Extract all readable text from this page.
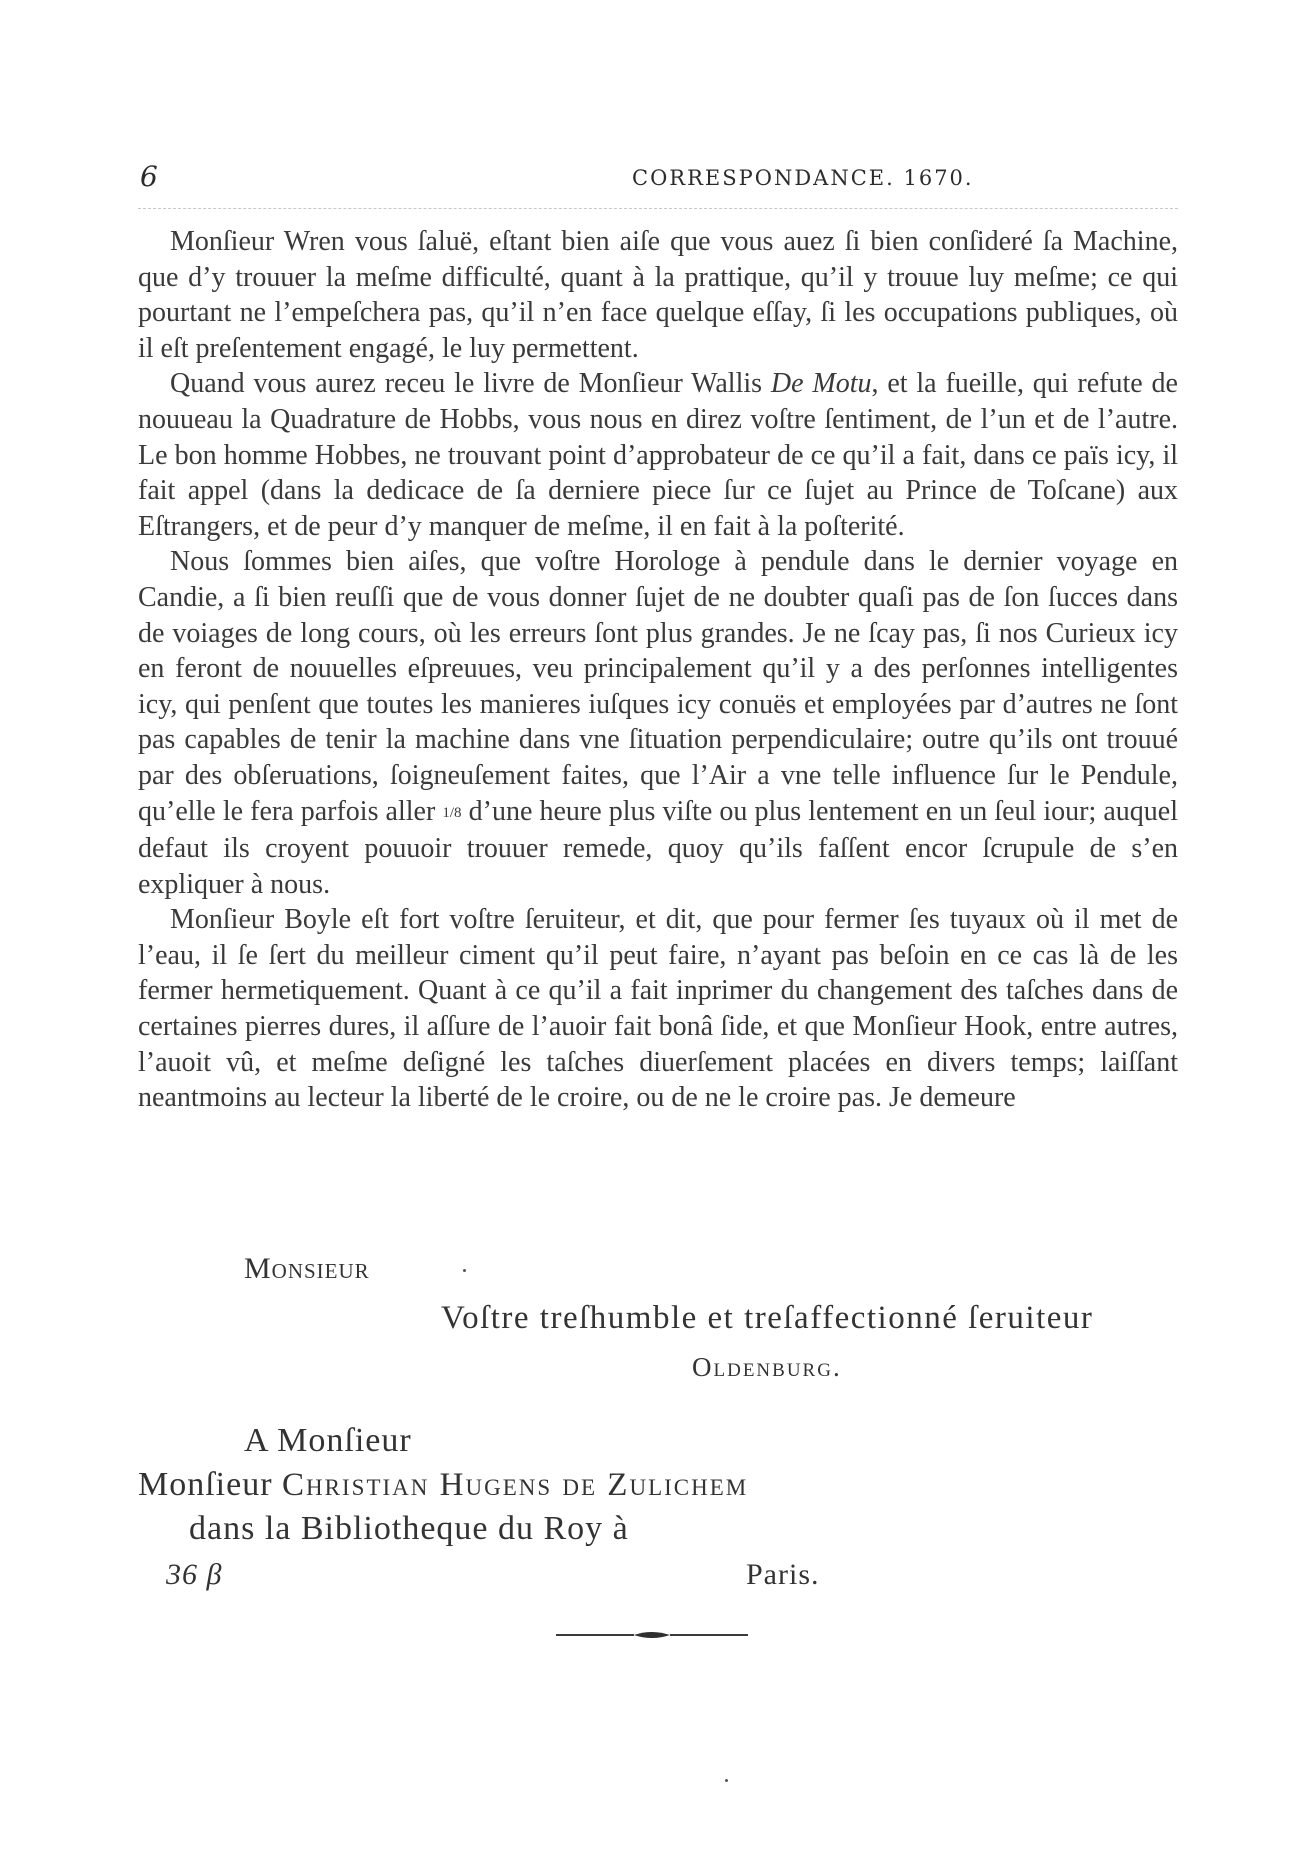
6	CORRESPONDANCE. 1670.

Monſieur Wren vous ſaluë, eſtant bien aiſe que vous auez ſi bien conſideré ſa Machine, que d’y trouuer la meſme difficulté, quant à la prattique, qu’il y trouue luy meſme; ce qui pourtant ne l’empeſchera pas, qu’il n’en face quelque eſſay, ſi les occupations publiques, où il eſt preſentement engagé, le luy permettent.

Quand vous aurez receu le livre de Monſieur Wallis De Motu, et la fueille, qui refute de nouueau la Quadrature de Hobbs, vous nous en direz voſtre ſentiment, de l’un et de l’autre. Le bon homme Hobbes, ne trouvant point d’approbateur de ce qu’il a fait, dans ce païs icy, il fait appel (dans la dedicace de ſa derniere piece ſur ce ſujet au Prince de Toſcane) aux Eſtrangers, et de peur d’y manquer de meſme, il en fait à la poſterité.

Nous ſommes bien aiſes, que voſtre Horologe à pendule dans le dernier voyage en Candie, a ſi bien reuſſi que de vous donner ſujet de ne doubter quaſi pas de ſon ſucces dans de voiages de long cours, où les erreurs ſont plus grandes. Je ne ſcay pas, ſi nos Curieux icy en feront de nouuelles eſpreuues, veu principalement qu’il y a des perſonnes intelligentes icy, qui penſent que toutes les manieres iuſques icy conuës et employées par d’autres ne ſont pas capables de tenir la machine dans vne ſituation perpendiculaire; outre qu’ils ont trouué par des obſeruations, ſoigneuſement faites, que l’Air a vne telle influence ſur le Pendule, qu’elle le fera parfois aller 1/8 d’une heure plus viſte ou plus lentement en un ſeul iour; auquel defaut ils croyent pouuoir trouuer remede, quoy qu’ils faſſent encor ſcrupule de s’en expliquer à nous.

Monſieur Boyle eſt fort voſtre ſeruiteur, et dit, que pour fermer ſes tuyaux où il met de l’eau, il ſe ſert du meilleur ciment qu’il peut faire, n’ayant pas beſoin en ce cas là de les fermer hermetiquement. Quant à ce qu’il a fait inprimer du changement des taſches dans de certaines pierres dures, il aſſure de l’auoir fait bonâ ſide, et que Monſieur Hook, entre autres, l’auoit vû, et meſme deſigné les taſches diuerſement placées en divers temps; laiſſant neantmoins au lecteur la liberté de le croire, ou de ne le croire pas. Je demeure

Monsieur
Voſtre treſhumble et treſaffectionné ſeruiteur
Oldenburg.
A Monſieur
Monſieur Christian Hugens de Zulichem
dans la Bibliotheque du Roy à
36 β	Paris.
